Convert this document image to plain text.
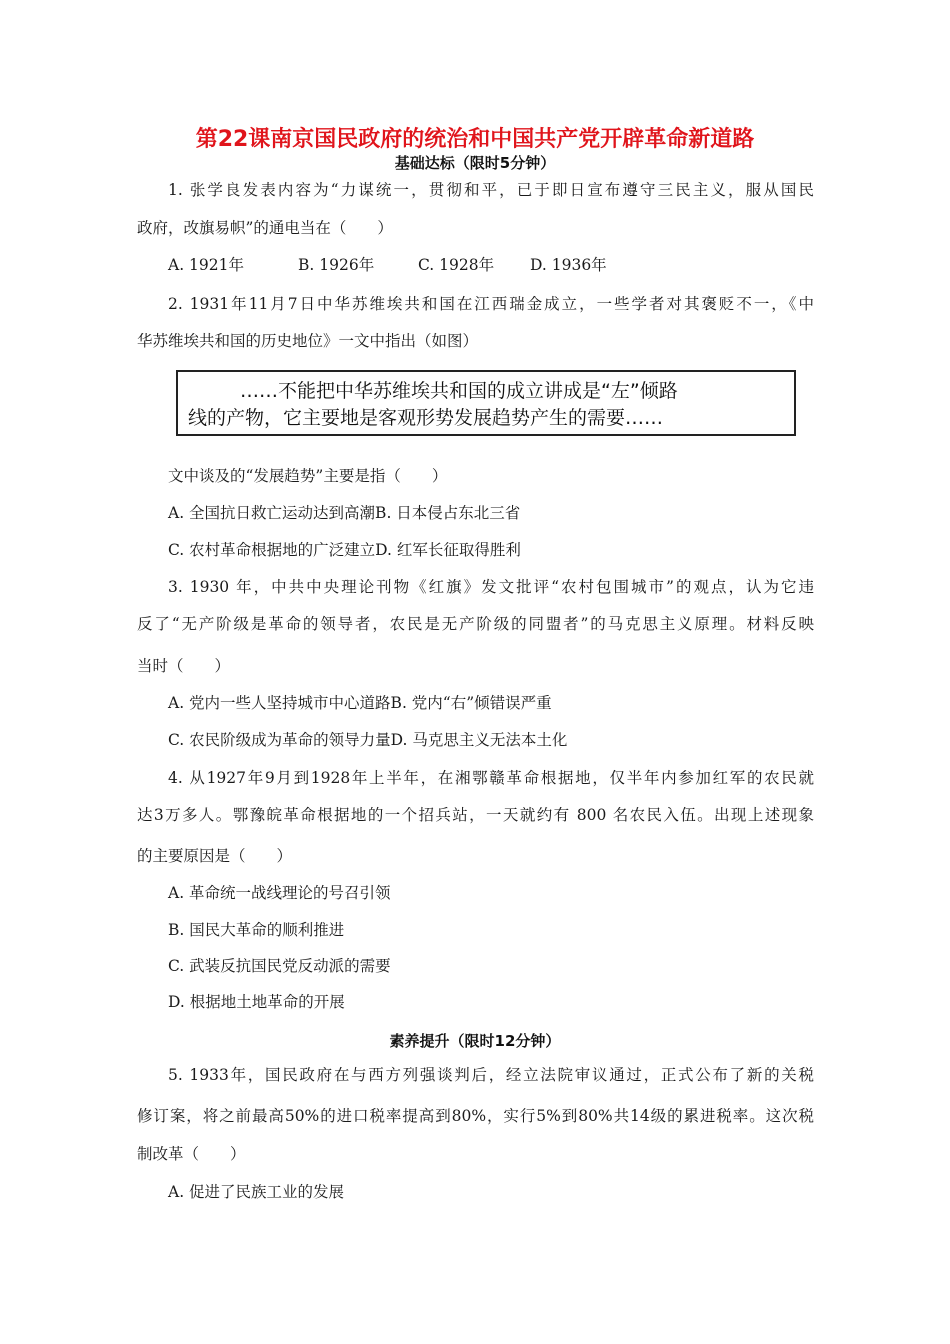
第22课南京国民政府的统治和中国共产党开辟革命新道路
基础达标（限时5分钟）
1. 张学良发表内容为“力谋统一，贯彻和平，已于即日宣布遵守三民主义，服从国民
政府，改旗易帜”的通电当在（　　）
A. 1921年	B. 1926年	C. 1928年 D. 1936年
2. 1931年11月7日中华苏维埃共和国在江西瑞金成立，一些学者对其褒贬不一，《中
华苏维埃共和国的历史地位》一文中指出（如图）
……不能把中华苏维埃共和国的成立讲成是“左”倾路
线的产物，它主要地是客观形势发展趋势产生的需要……
文中谈及的“发展趋势”主要是指（　　）
A. 全国抗日救亡运动达到高潮B. 日本侵占东北三省
C. 农村革命根据地的广泛建立D. 红军长征取得胜利
3. 1930 年，中共中央理论刊物《红旗》发文批评“农村包围城市”的观点，认为它违
反了“无产阶级是革命的领导者，农民是无产阶级的同盟者”的马克思主义原理。材料反映
当时（　　）
A. 党内一些人坚持城市中心道路B. 党内“右”倾错误严重
C. 农民阶级成为革命的领导力量D. 马克思主义无法本土化
4. 从1927年9月到1928年上半年，在湘鄂赣革命根据地，仅半年内参加红军的农民就
达3万多人。鄂豫皖革命根据地的一个招兵站，一天就约有 800 名农民入伍。出现上述现象
的主要原因是（　　）
A. 革命统一战线理论的号召引领
B. 国民大革命的顺利推进
C. 武装反抗国民党反动派的需要
D. 根据地土地革命的开展
素养提升（限时12分钟）
5. 1933年，国民政府在与西方列强谈判后，经立法院审议通过，正式公布了新的关税
修订案，将之前最高50%的进口税率提高到80%，实行5%到80%共14级的累进税率。这次税
制改革（　　）
A. 促进了民族工业的发展
